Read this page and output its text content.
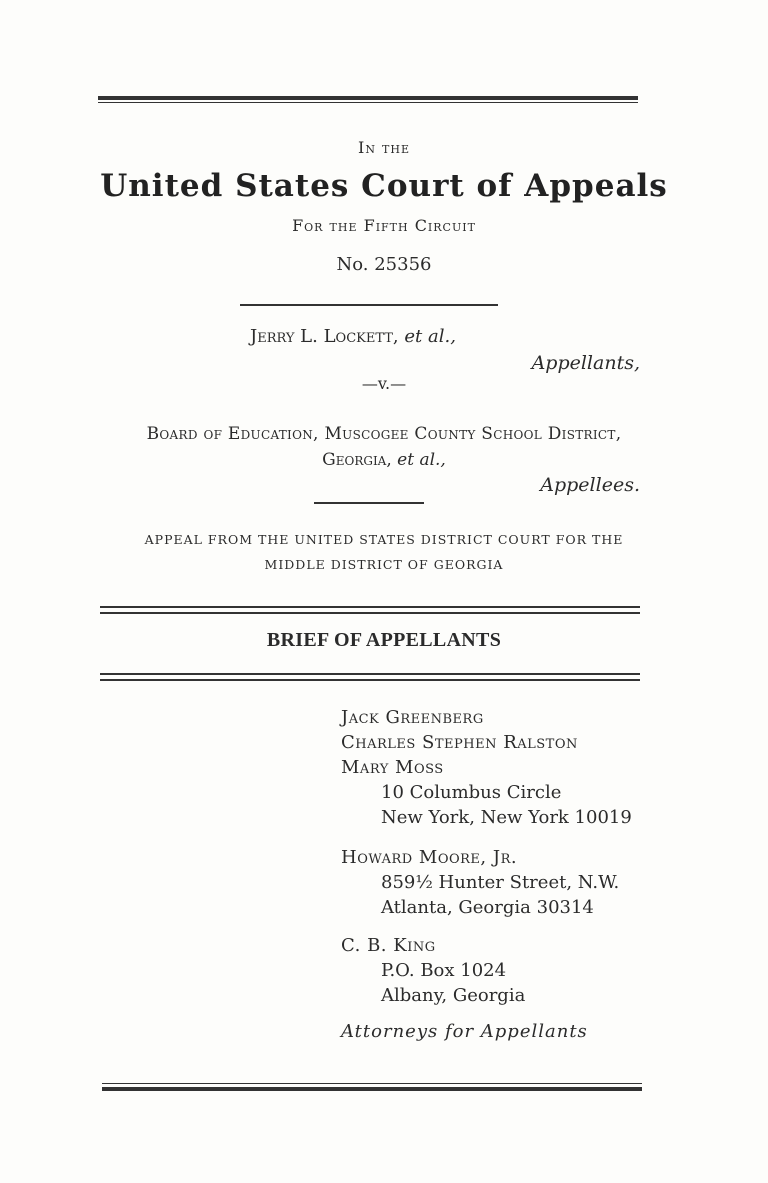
In the
United States Court of Appeals
For the Fifth Circuit
No. 25356
Jerry L. Lockett, et al.,
Appellants,
—v.—
Board of Education, Muscogee County School District,
Georgia, et al.,
Appellees.
APPEAL FROM THE UNITED STATES DISTRICT COURT FOR THE
MIDDLE DISTRICT OF GEORGIA
BRIEF OF APPELLANTS
Jack Greenberg
Charles Stephen Ralston
Mary Moss
10 Columbus Circle
New York, New York 10019
Howard Moore, Jr.
859½ Hunter Street, N.W.
Atlanta, Georgia 30314
C. B. King
P.O. Box 1024
Albany, Georgia
Attorneys for Appellants
